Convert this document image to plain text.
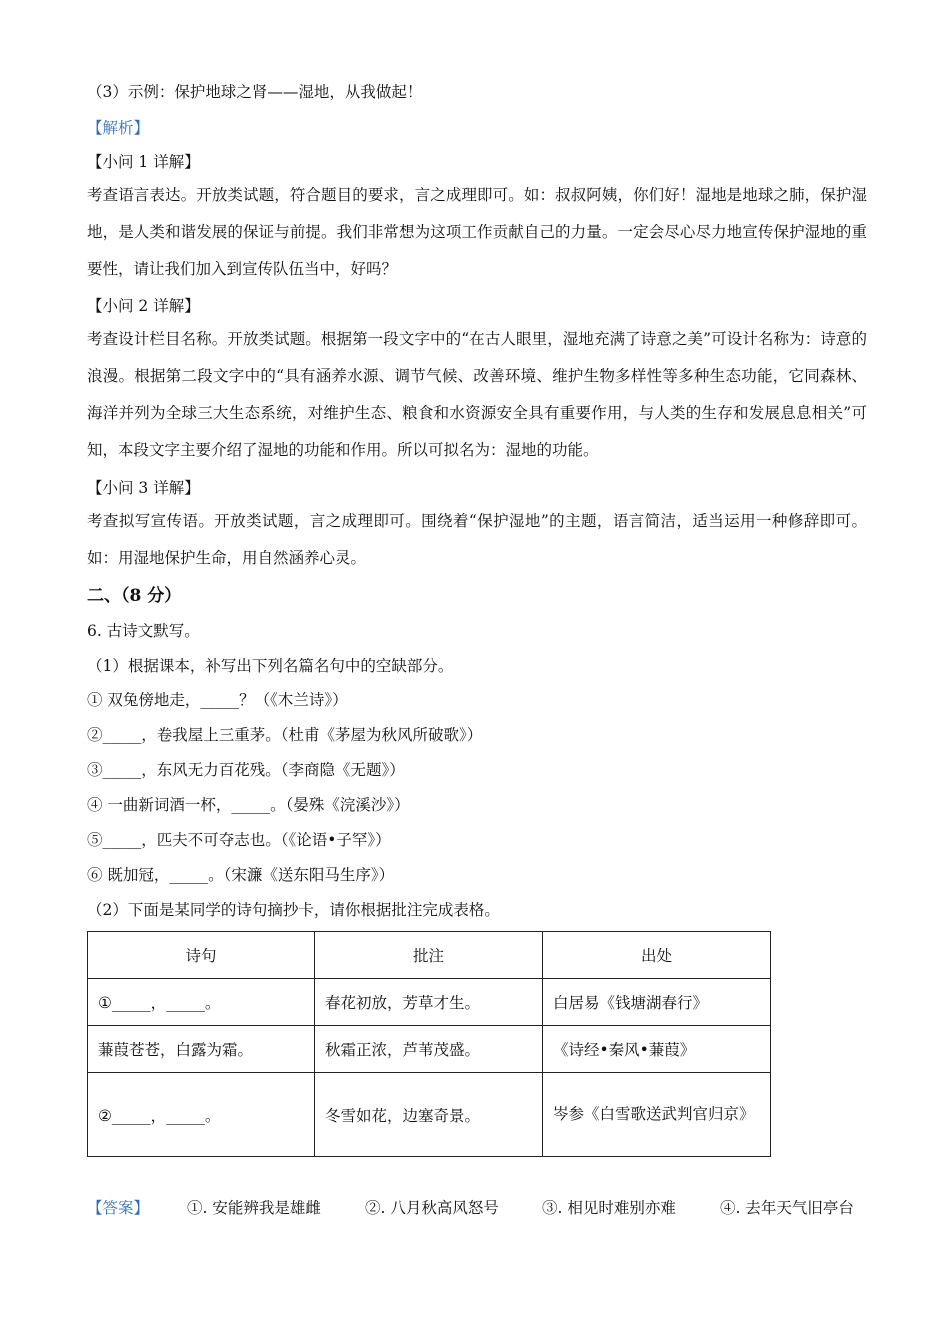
（3）示例：保护地球之肾——湿地，从我做起！
【解析】
【小问 1 详解】
考查语言表达。开放类试题，符合题目的要求，言之成理即可。如：叔叔阿姨，你们好！湿地是地球之肺，保护湿地，是人类和谐发展的保证与前提。我们非常想为这项工作贡献自己的力量。一定会尽心尽力地宣传保护湿地的重要性，请让我们加入到宣传队伍当中，好吗？
【小问 2 详解】
考查设计栏目名称。开放类试题。根据第一段文字中的“在古人眼里，湿地充满了诗意之美”可设计名称为：诗意的浪漫。根据第二段文字中的“具有涵养水源、调节气候、改善环境、维护生物多样性等多种生态功能，它同森林、海洋并列为全球三大生态系统，对维护生态、粮食和水资源安全具有重要作用，与人类的生存和发展息息相关”可知，本段文字主要介绍了湿地的功能和作用。所以可拟名为：湿地的功能。
【小问 3 详解】
考查拟写宣传语。开放类试题，言之成理即可。围绕着“保护湿地”的主题，语言简洁，适当运用一种修辞即可。如：用湿地保护生命，用自然涵养心灵。
二、（8 分）
6. 古诗文默写。
（1）根据课本，补写出下列名篇名句中的空缺部分。
① 双兔傍地走，_____？（《木兰诗》）
②_____，卷我屋上三重茅。（杜甫《茅屋为秋风所破歌》）
③_____，东风无力百花残。（李商隐《无题》）
④ 一曲新词酒一杯，_____。（晏殊《浣溪沙》）
⑤_____，匹夫不可夺志也。（《论语•子罕》）
⑥ 既加冠，_____。（宋濂《送东阳马生序》）
（2）下面是某同学的诗句摘抄卡，请你根据批注完成表格。
诗句	批注	出处
①_____，_____。	春花初放，芳草才生。	白居易《钱塘湖春行》
蒹葭苍苍，白露为霜。	秋霜正浓，芦苇茂盛。	《诗经•秦风•蒹葭》
②_____，_____。	冬雪如花，边塞奇景。	岑参《白雪歌送武判官归京》
【答案】 ①. 安能辨我是雄雌	②. 八月秋高风怒号	③. 相见时难别亦难	④. 去年天气旧亭台
